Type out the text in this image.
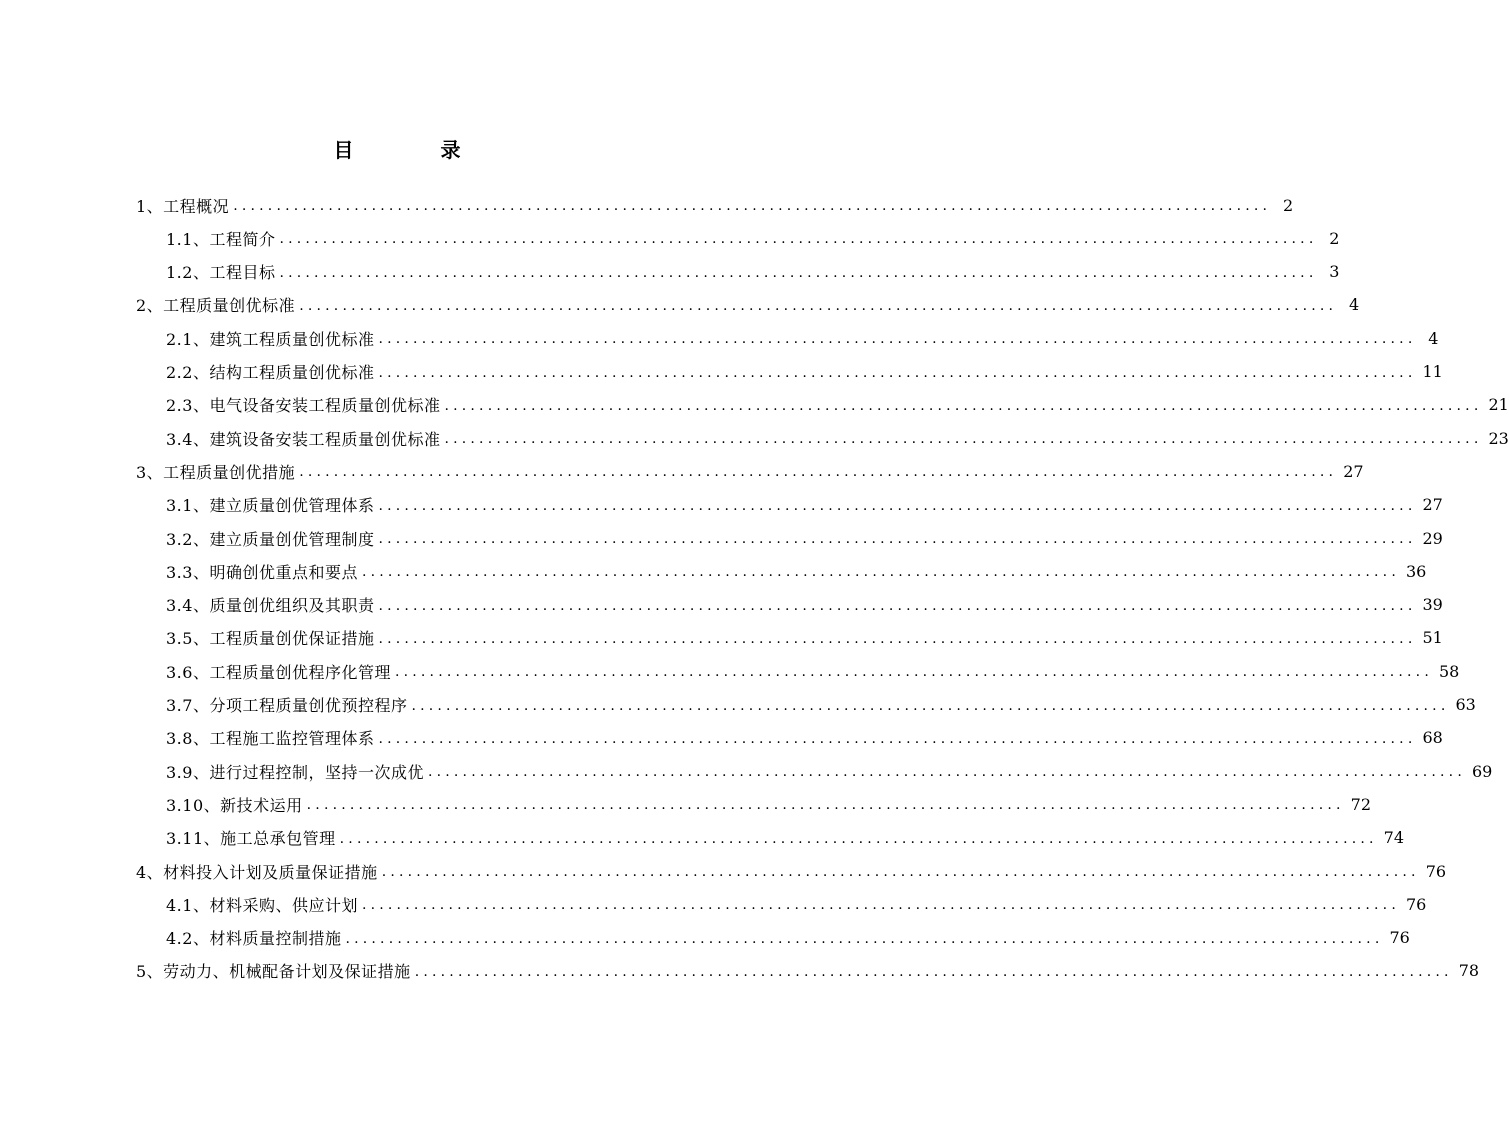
目 录
1、工程概况 ........................................................................................................................ 2
1.1、工程简介 ........................................................................................................................ 2
1.2、工程目标 ........................................................................................................................ 3
2、工程质量创优标准 ........................................................................................................................ 4
2.1、建筑工程质量创优标准 ........................................................................................................................ 4
2.2、结构工程质量创优标准 ........................................................................................................................ 11
2.3、电气设备安装工程质量创优标准 ........................................................................................................................ 21
3.4、建筑设备安装工程质量创优标准 ........................................................................................................................ 23
3、工程质量创优措施 ........................................................................................................................ 27
3.1、建立质量创优管理体系 ........................................................................................................................ 27
3.2、建立质量创优管理制度 ........................................................................................................................ 29
3.3、明确创优重点和要点 ........................................................................................................................ 36
3.4、质量创优组织及其职责 ........................................................................................................................ 39
3.5、工程质量创优保证措施 ........................................................................................................................ 51
3.6、工程质量创优程序化管理 ........................................................................................................................ 58
3.7、分项工程质量创优预控程序 ........................................................................................................................ 63
3.8、工程施工监控管理体系 ........................................................................................................................ 68
3.9、进行过程控制，坚持一次成优 ........................................................................................................................ 69
3.10、新技术运用 ........................................................................................................................ 72
3.11、施工总承包管理 ........................................................................................................................ 74
4、材料投入计划及质量保证措施 ........................................................................................................................ 76
4.1、材料采购、供应计划 ........................................................................................................................ 76
4.2、材料质量控制措施 ........................................................................................................................ 76
5、劳动力、机械配备计划及保证措施 ........................................................................................................................ 78
